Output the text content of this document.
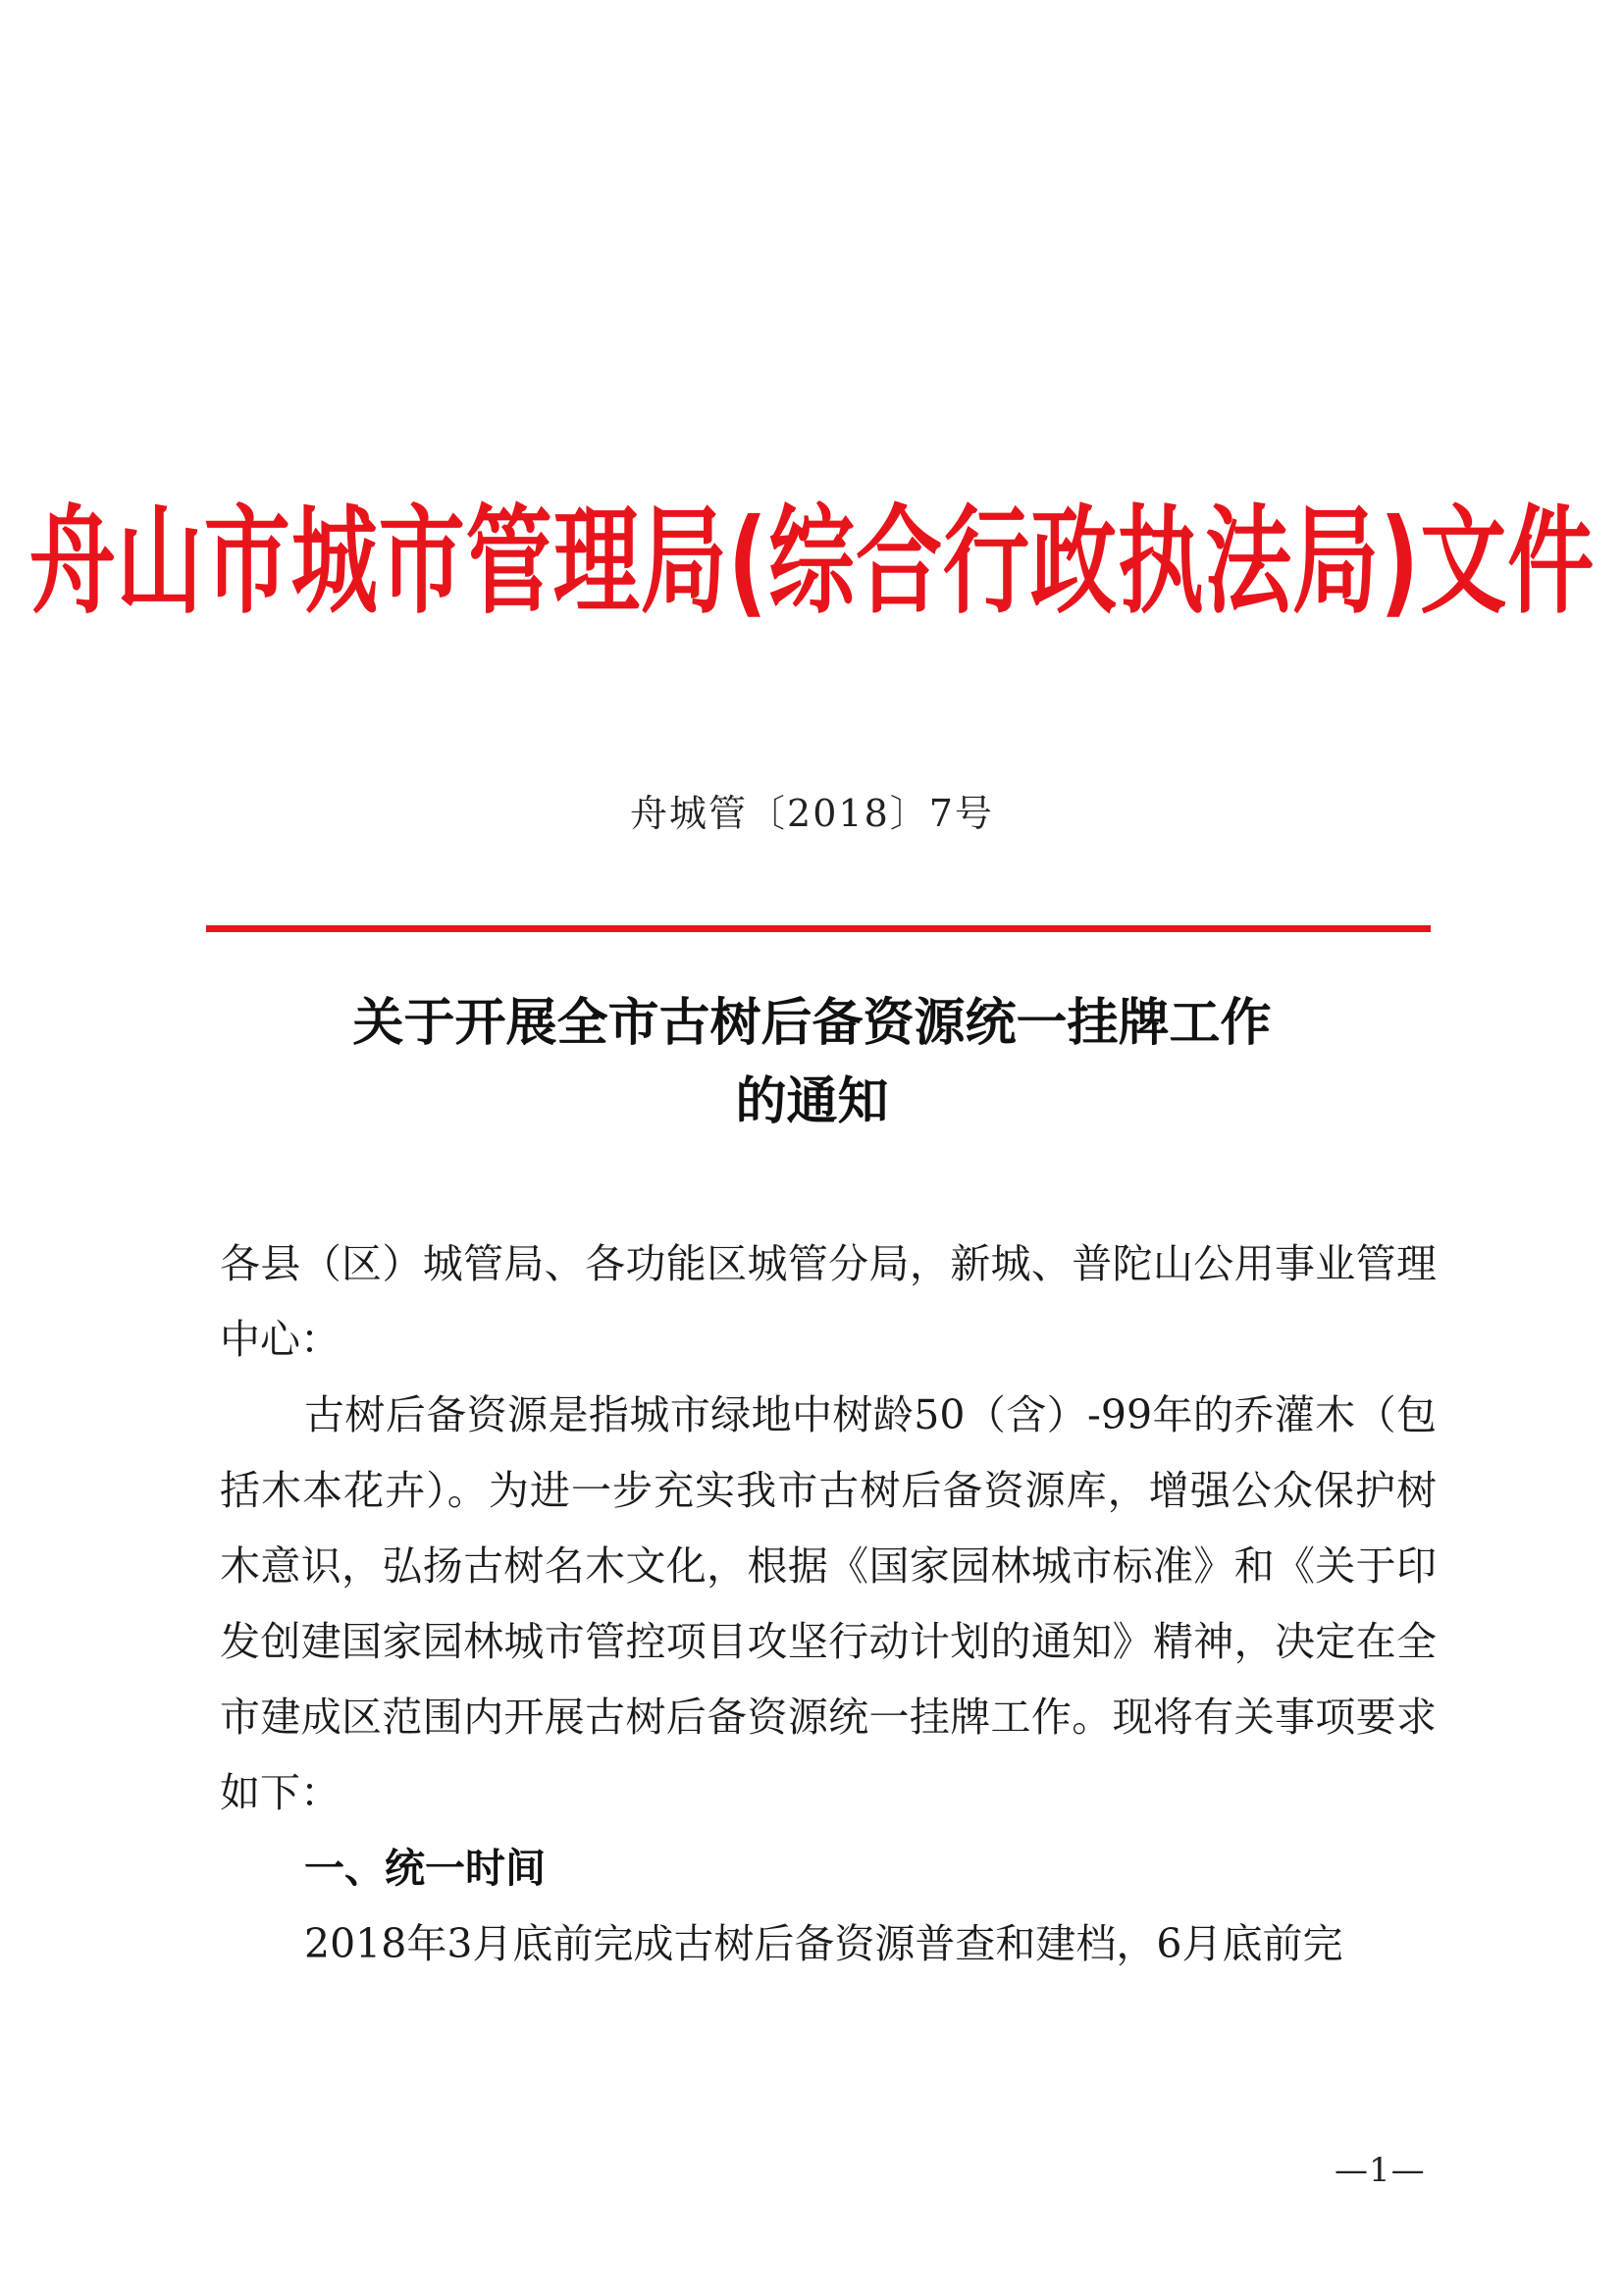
舟山市城市管理局(综合行政执法局)文件
舟城管〔2018〕7号
关于开展全市古树后备资源统一挂牌工作
的通知

各县（区）城管局、各功能区城管分局，新城、普陀山公用事业管理中心：

古树后备资源是指城市绿地中树龄50（含）-99年的乔灌木（包括木本花卉）。为进一步充实我市古树后备资源库，增强公众保护树木意识，弘扬古树名木文化，根据《国家园林城市标准》和《关于印发创建国家园林城市管控项目攻坚行动计划的通知》精神，决定在全市建成区范围内开展古树后备资源统一挂牌工作。现将有关事项要求如下：

一、统一时间

2018年3月底前完成古树后备资源普查和建档，6月底前完

—1—
